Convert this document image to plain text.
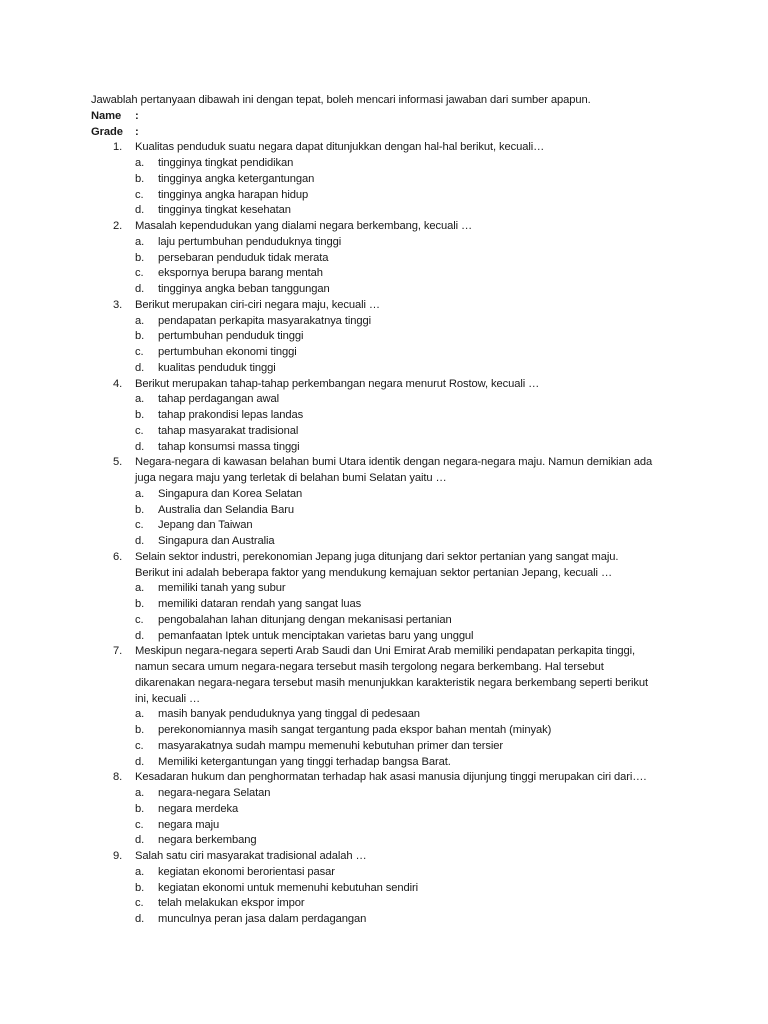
Jawablah pertanyaan dibawah ini dengan tepat, boleh mencari informasi jawaban dari sumber apapun.
Name	:
Grade	:
1.	Kualitas penduduk suatu negara dapat ditunjukkan dengan hal-hal berikut, kecuali…
a.	tingginya tingkat pendidikan
b.	tingginya angka ketergantungan
c.	tingginya angka harapan hidup
d.	tingginya tingkat kesehatan
2.	Masalah kependudukan yang dialami negara berkembang, kecuali …
a.	laju pertumbuhan penduduknya tinggi
b.	persebaran penduduk tidak merata
c.	ekspornya berupa barang mentah
d.	tingginya angka beban tanggungan
3.	Berikut merupakan ciri-ciri negara maju, kecuali …
a.	pendapatan perkapita masyarakatnya tinggi
b.	pertumbuhan penduduk tinggi
c.	pertumbuhan ekonomi tinggi
d.	kualitas penduduk tinggi
4.	Berikut merupakan tahap-tahap perkembangan negara menurut Rostow, kecuali …
a.	tahap perdagangan awal
b.	tahap prakondisi lepas landas
c.	tahap masyarakat tradisional
d.	tahap konsumsi massa tinggi
5.	Negara-negara di kawasan belahan bumi Utara identik dengan negara-negara maju. Namun demikian ada
juga negara maju yang terletak di belahan bumi Selatan yaitu …
a.	Singapura dan Korea Selatan
b.	Australia dan Selandia Baru
c.	Jepang dan Taiwan
d.	Singapura dan Australia
6.	Selain sektor industri, perekonomian Jepang juga ditunjang dari sektor pertanian yang sangat maju.
Berikut ini adalah beberapa faktor yang mendukung kemajuan sektor pertanian Jepang, kecuali …
a.	memiliki tanah yang subur
b.	memiliki dataran rendah yang sangat luas
c.	pengobalahan lahan ditunjang dengan mekanisasi pertanian
d.	pemanfaatan Iptek untuk menciptakan varietas baru yang unggul
7.	Meskipun negara-negara seperti Arab Saudi dan Uni Emirat Arab memiliki pendapatan perkapita tinggi,
namun secara umum negara-negara tersebut masih tergolong negara berkembang. Hal tersebut
dikarenakan negara-negara tersebut masih menunjukkan karakteristik negara berkembang seperti berikut
ini, kecuali …
a.	masih banyak penduduknya yang tinggal di pedesaan
b.	perekonomiannya masih sangat tergantung pada ekspor bahan mentah (minyak)
c.	masyarakatnya sudah mampu memenuhi kebutuhan primer dan tersier
d.	Memiliki ketergantungan yang tinggi terhadap bangsa Barat.
8.	Kesadaran hukum dan penghormatan terhadap hak asasi manusia dijunjung tinggi merupakan ciri dari….
a.	negara-negara Selatan
b.	negara merdeka
c.	negara maju
d.	negara berkembang
9.	Salah satu ciri masyarakat tradisional adalah …
a.	kegiatan ekonomi berorientasi pasar
b.	kegiatan ekonomi untuk memenuhi kebutuhan sendiri
c.	telah melakukan ekspor impor
d.	munculnya peran jasa dalam perdagangan
